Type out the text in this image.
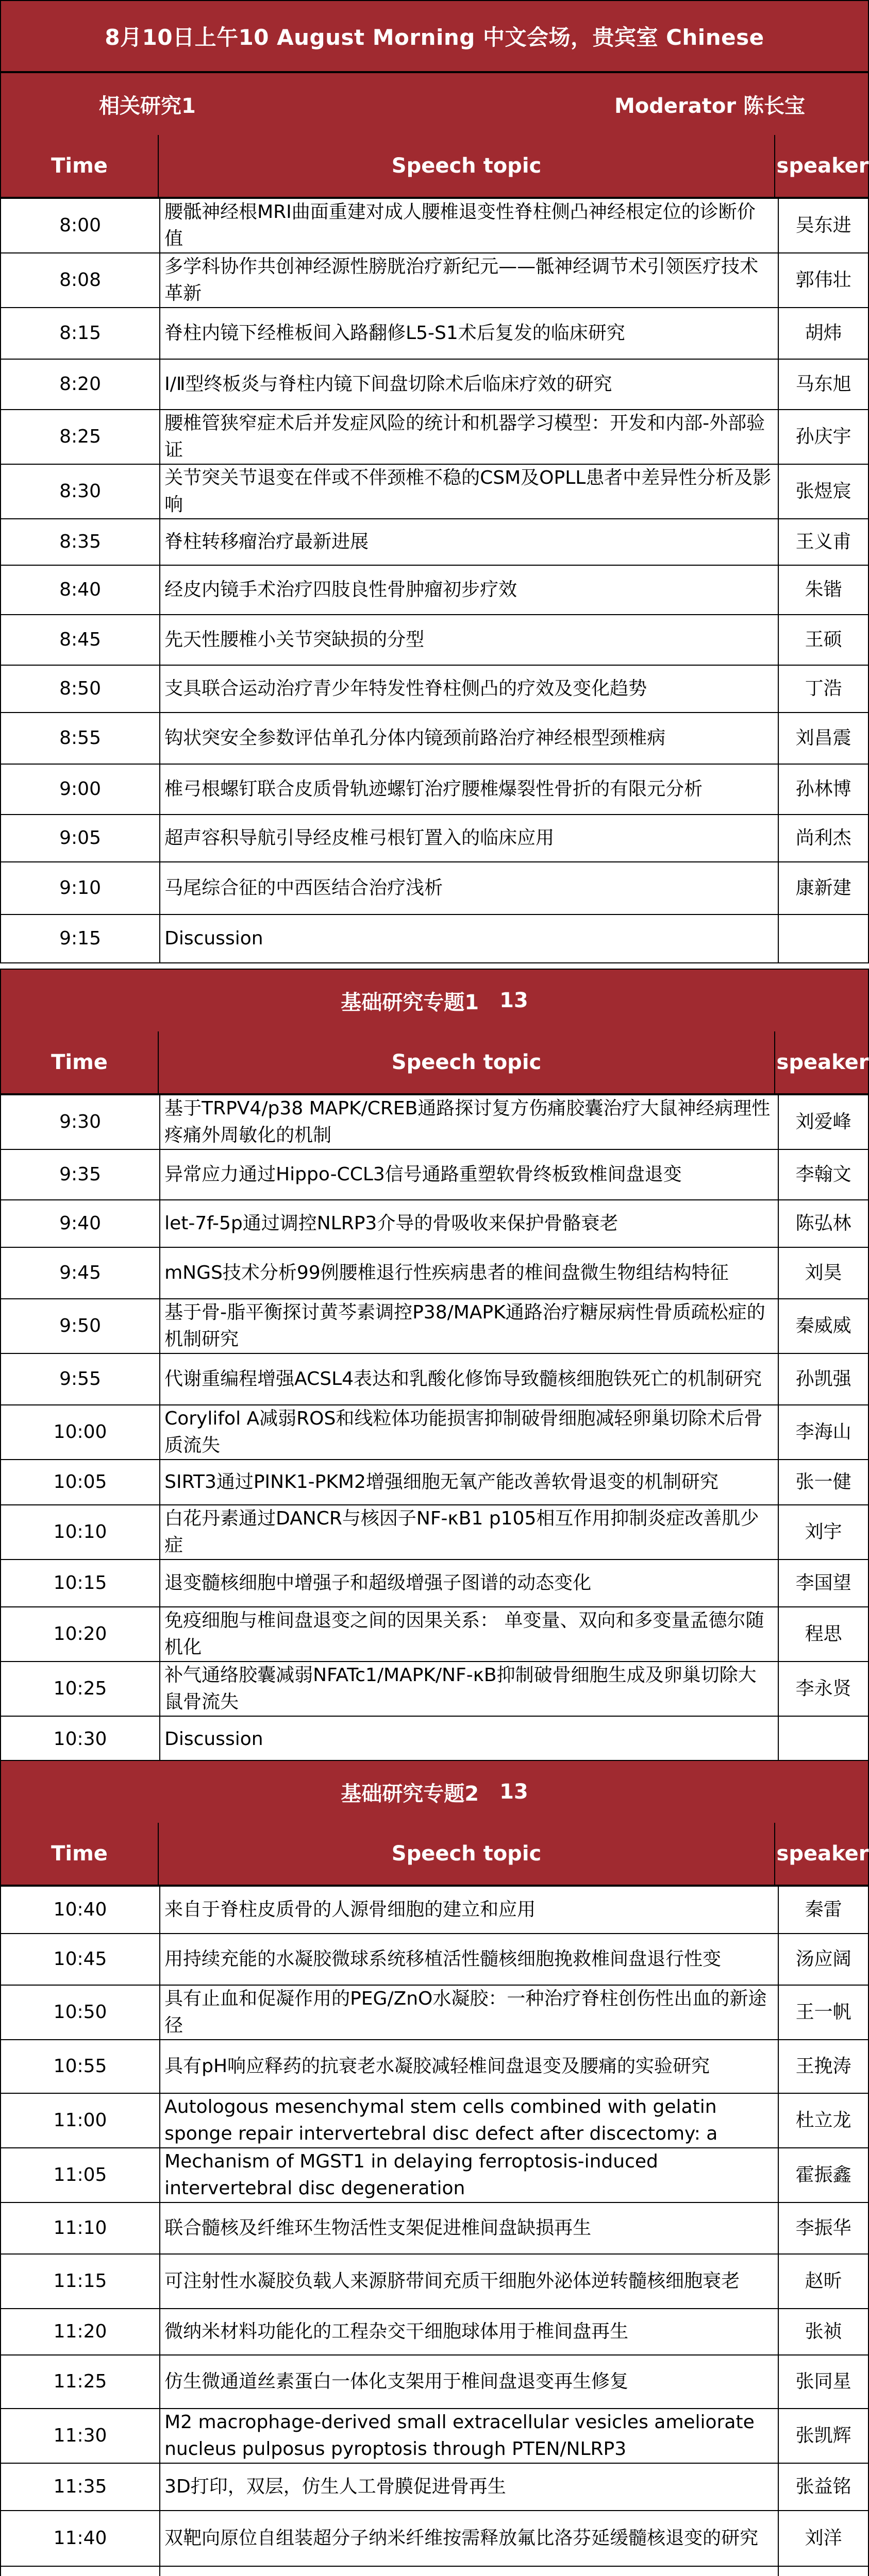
8月10日上午10 August Morning 中文会场，贵宾室 Chinese
相关研究1	Moderator 陈长宝
Time	Speech topic	speaker
8:00	腰骶神经根MRI曲面重建对成人腰椎退变性脊柱侧凸神经根定位的诊断价值	吴东进
8:08	多学科协作共创神经源性膀胱治疗新纪元——骶神经调节术引领医疗技术革新	郭伟壮
8:15	脊柱内镜下经椎板间入路翻修L5-S1术后复发的临床研究	胡炜
8:20	Ⅰ/Ⅱ型终板炎与脊柱内镜下间盘切除术后临床疗效的研究	马东旭
8:25	腰椎管狭窄症术后并发症风险的统计和机器学习模型：开发和内部-外部验证	孙庆宇
8:30	关节突关节退变在伴或不伴颈椎不稳的CSM及OPLL患者中差异性分析及影响	张煜宸
8:35	脊柱转移瘤治疗最新进展	王义甫
8:40	经皮内镜手术治疗四肢良性骨肿瘤初步疗效	朱锴
8:45	先天性腰椎小关节突缺损的分型	王硕
8:50	支具联合运动治疗青少年特发性脊柱侧凸的疗效及变化趋势	丁浩
8:55	钩状突安全参数评估单孔分体内镜颈前路治疗神经根型颈椎病	刘昌震
9:00	椎弓根螺钉联合皮质骨轨迹螺钉治疗腰椎爆裂性骨折的有限元分析	孙林博
9:05	超声容积导航引导经皮椎弓根钉置入的临床应用	尚利杰
9:10	马尾综合征的中西医结合治疗浅析	康新建
9:15	Discussion	
基础研究专题1 13
Time	Speech topic	speaker
9:30	基于TRPV4/p38 MAPK/CREB通路探讨复方伤痛胶囊治疗大鼠神经病理性疼痛外周敏化的机制	刘爱峰
9:35	异常应力通过Hippo-CCL3信号通路重塑软骨终板致椎间盘退变	李翰文
9:40	let-7f-5p通过调控NLRP3介导的骨吸收来保护骨骼衰老	陈弘林
9:45	mNGS技术分析99例腰椎退行性疾病患者的椎间盘微生物组结构特征	刘昊
9:50	基于骨-脂平衡探讨黄芩素调控P38/MAPK通路治疗糖尿病性骨质疏松症的机制研究	秦威威
9:55	代谢重编程增强ACSL4表达和乳酸化修饰导致髓核细胞铁死亡的机制研究	孙凯强
10:00	Corylifol A减弱ROS和线粒体功能损害抑制破骨细胞减轻卵巢切除术后骨质流失	李海山
10:05	SIRT3通过PINK1-PKM2增强细胞无氧产能改善软骨退变的机制研究	张一健
10:10	白花丹素通过DANCR与核因子NF-κB1 p105相互作用抑制炎症改善肌少症	刘宇
10:15	退变髓核细胞中增强子和超级增强子图谱的动态变化	李国望
10:20	免疫细胞与椎间盘退变之间的因果关系： 单变量、双向和多变量孟德尔随机化	程思
10:25	补气通络胶囊减弱NFATc1/MAPK/NF-κB抑制破骨细胞生成及卵巢切除大鼠骨流失	李永贤
10:30	Discussion	
基础研究专题2 13
Time	Speech topic	speaker
10:40	来自于脊柱皮质骨的人源骨细胞的建立和应用	秦雷
10:45	用持续充能的水凝胶微球系统移植活性髓核细胞挽救椎间盘退行性变	汤应阔
10:50	具有止血和促凝作用的PEG/ZnO水凝胶：一种治疗脊柱创伤性出血的新途径	王一帆
10:55	具有pH响应释药的抗衰老水凝胶减轻椎间盘退变及腰痛的实验研究	王挽涛
11:00	Autologous mesenchymal stem cells combined with gelatin sponge repair intervertebral disc defect after discectomy: a	杜立龙
11:05	Mechanism of MGST1 in delaying ferroptosis-induced intervertebral disc degeneration	霍振鑫
11:10	联合髓核及纤维环生物活性支架促进椎间盘缺损再生	李振华
11:15	可注射性水凝胶负载人来源脐带间充质干细胞外泌体逆转髓核细胞衰老	赵昕
11:20	微纳米材料功能化的工程杂交干细胞球体用于椎间盘再生	张祯
11:25	仿生微通道丝素蛋白一体化支架用于椎间盘退变再生修复	张同星
11:30	M2 macrophage-derived small extracellular vesicles ameliorate nucleus pulposus pyroptosis through PTEN/NLRP3	张凯辉
11:35	3D打印，双层，仿生人工骨膜促进骨再生	张益铭
11:40	双靶向原位自组装超分子纳米纤维按需释放氟比洛芬延缓髓核退变的研究	刘洋
